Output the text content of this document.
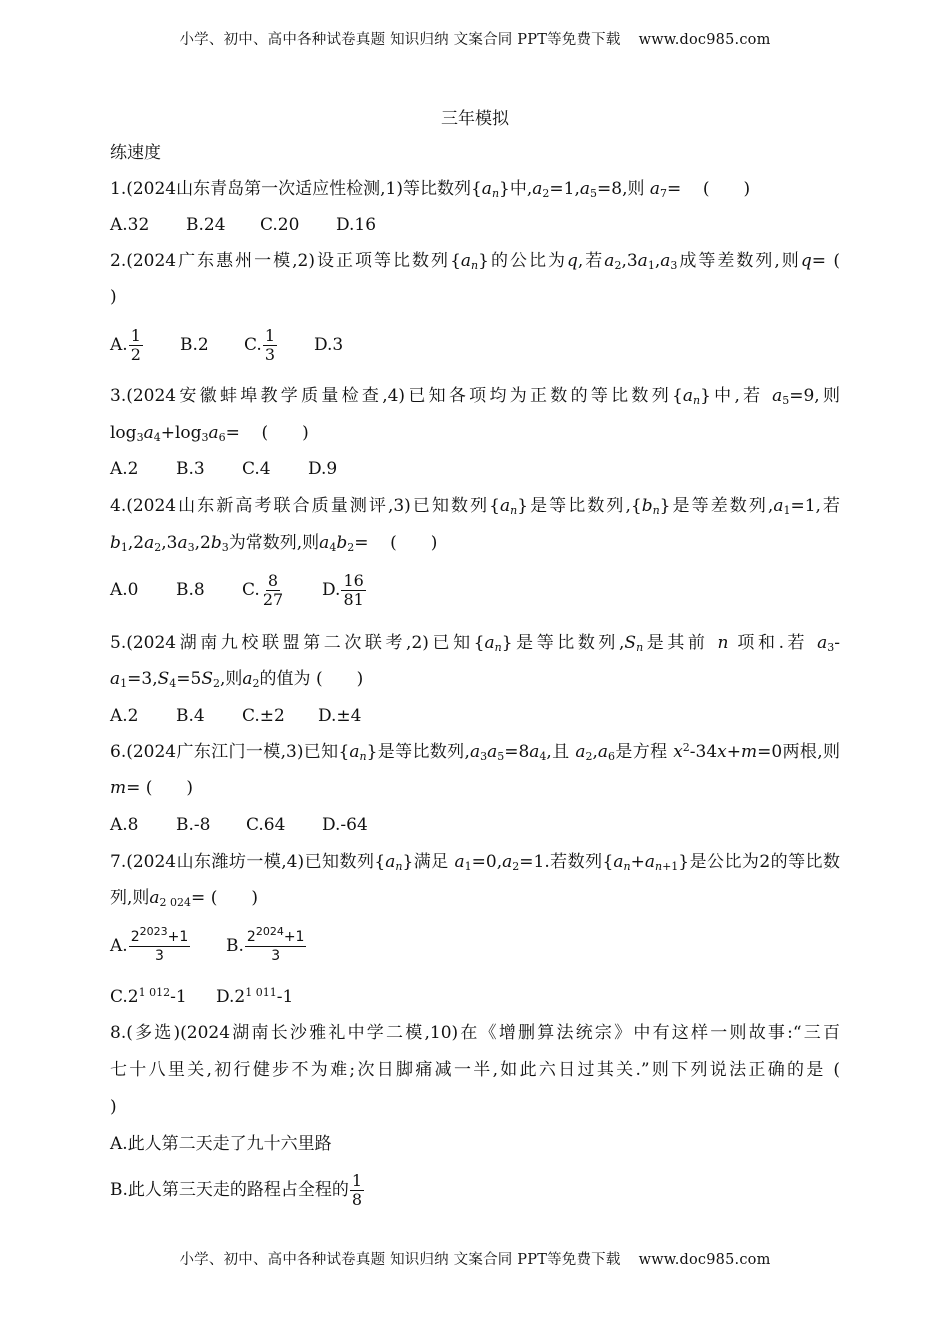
小学、初中、高中各种试卷真题 知识归纳 文案合同 PPT等免费下载 www.doc985.com
三年模拟
练速度
1.(2024山东青岛第一次适应性检测,1)等比数列$\{a_n\}$中$,a_2=1,a_5=8$,则 $a_7=$ (　　)
A.32 B.24 C.20 D.16
2.(2024广东惠州一模,2)设正项等比数列$\{a_n\}$的公比为q,若$a_2,3a_1,a_3$成等差数列,则q= (
)
A. $\frac{1}{2} B.2$ C. $\frac{1}{3} D.3$
3.(2024安徽蚌埠教学质量检查,4)已知各项均为正数的等比数列$\{a_n\}$中,若 $a_5=9$,则
$\log_3a_4+\log_3a_6=$ (　　)
A.2 B.3 C.4 D.9
4.(2024山东新高考联合质量测评,3)已知数列$\{a_n\}$是等比数列$,\{b_n\}$是等差数列$,a_1=1$,若
$b_1,2a_2,3a_3,2b_3$为常数列,则$a_4b_2=$ (　　)
A.0 B.8 C. $\frac{8}{27} D$. $\frac{16}{81}$
5.(2024湖南九校联盟第二次联考,2)已知$\{a_n\}$是等比数列$,S_n$是其前 n 项和.若 $a_3-$
$a_1=3,S_4=5S_2$,则$a_2$的值为 (　　)
A.2 B.4 C.±2 D.±4
6.(2024广东江门一模,3)已知$\{a_n\}$是等比数列$,a_3a_5=8a_4$,且 $a_2,a_6$是方程 $x^2-34x+m=0$两根,则
m= (　　)
A.8 B.-8 C.64 D.-64
7.(2024山东潍坊一模,4)已知数列$\{a_n\}$满足 $a_1=0,a_2=1$.若数列$\{a_n+a_{n+1}\}$是公比为2的等比数
列,则$a_{2 024}=$ (　　)
A. $\frac{2^{2023}+1}{3} B$. $\frac{2^{2024}+1}{3}$
$C.2^{1 012}-1$ $D.2^{1 011}-1$
8.(多选)(2024湖南长沙雅礼中学二模,10)在《增删算法统宗》中有这样一则故事:“三百
七十八里关,初行健步不为难;次日脚痛减一半,如此六日过其关.”则下列说法正确的是 (
)
A.此人第二天走了九十六里路
B.此人第三天走的路程占全程的 $\frac{1}{8}$
小学、初中、高中各种试卷真题 知识归纳 文案合同 PPT等免费下载 www.doc985.com
